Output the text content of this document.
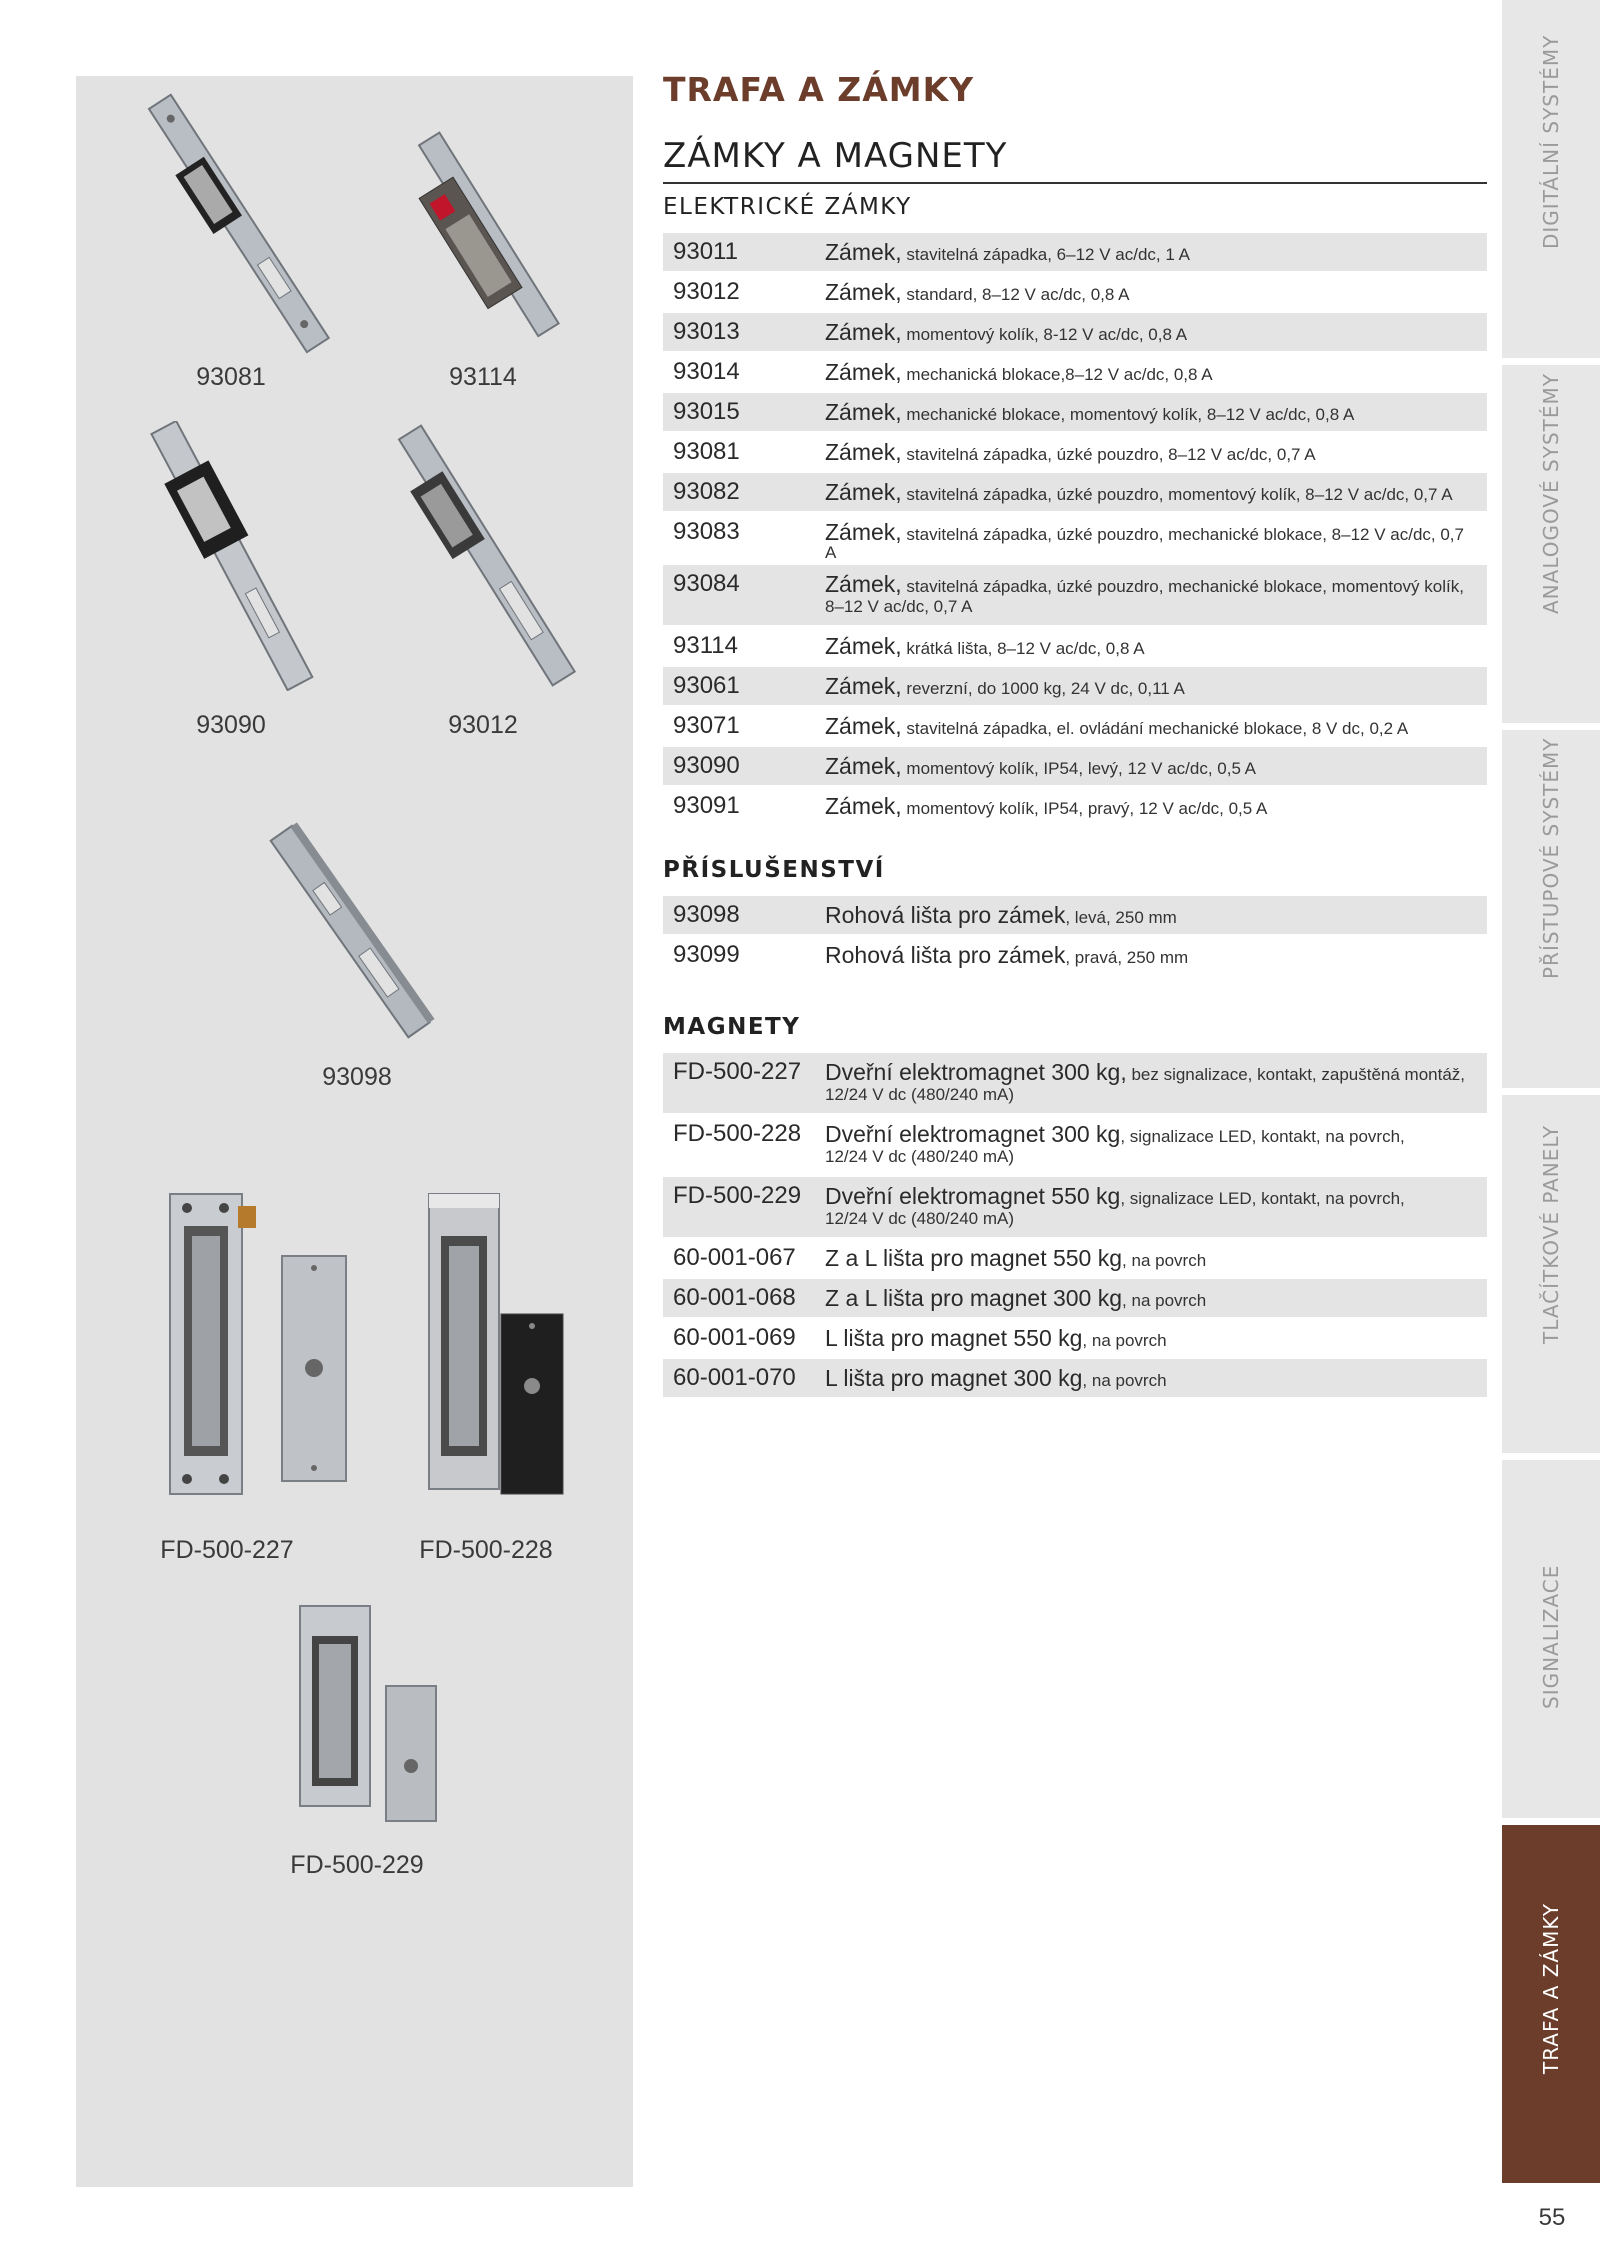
93081	93114
93090	93012
93098
FD-500-227	FD-500-228
FD-500-229
TRAFA A ZÁMKY
ZÁMKY A MAGNETY
ELEKTRICKÉ ZÁMKY
93011	Zámek, stavitelná západka, 6–12 V ac/dc, 1 A
93012	Zámek, standard, 8–12 V ac/dc, 0,8 A
93013	Zámek, momentový kolík, 8-12 V ac/dc, 0,8 A
93014	Zámek, mechanická blokace,8–12 V ac/dc, 0,8 A
93015	Zámek, mechanické blokace, momentový kolík, 8–12 V ac/dc, 0,8 A
93081	Zámek, stavitelná západka, úzké pouzdro, 8–12 V ac/dc, 0,7 A
93082	Zámek, stavitelná západka, úzké pouzdro, momentový kolík, 8–12 V ac/dc, 0,7 A
93083	Zámek, stavitelná západka, úzké pouzdro, mechanické blokace, 8–12 V ac/dc, 0,7 A
93084	Zámek, stavitelná západka, úzké pouzdro, mechanické blokace, momentový kolík,
8–12 V ac/dc, 0,7 A
93114	Zámek, krátká lišta, 8–12 V ac/dc, 0,8 A
93061	Zámek, reverzní, do 1000 kg, 24 V dc, 0,11 A
93071	Zámek, stavitelná západka, el. ovládání mechanické blokace, 8 V dc, 0,2 A
93090	Zámek, momentový kolík, IP54, levý, 12 V ac/dc, 0,5 A
93091	Zámek, momentový kolík, IP54, pravý, 12 V ac/dc, 0,5 A
PŘÍSLUŠENSTVÍ
93098	Rohová lišta pro zámek, levá, 250 mm
93099	Rohová lišta pro zámek, pravá, 250 mm
MAGNETY
FD-500-227	Dveřní elektromagnet 300 kg, bez signalizace, kontakt, zapuštěná montáž,
12/24 V dc (480/240 mA)
FD-500-228	Dveřní elektromagnet 300 kg, signalizace LED, kontakt, na povrch,
12/24 V dc (480/240 mA)
FD-500-229	Dveřní elektromagnet 550 kg, signalizace LED, kontakt, na povrch,
12/24 V dc (480/240 mA)
60-001-067	Z a L lišta pro magnet 550 kg, na povrch
60-001-068	Z a L lišta pro magnet 300 kg, na povrch
60-001-069	L lišta pro magnet 550 kg, na povrch
60-001-070	L lišta pro magnet 300 kg, na povrch
DIGITÁLNÍ SYSTÉMY
ANALOGOVÉ SYSTÉMY
PŘÍSTUPOVÉ SYSTÉMY
TLAČÍTKOVÉ PANELY
SIGNALIZACE
TRAFA A ZÁMKY
55
